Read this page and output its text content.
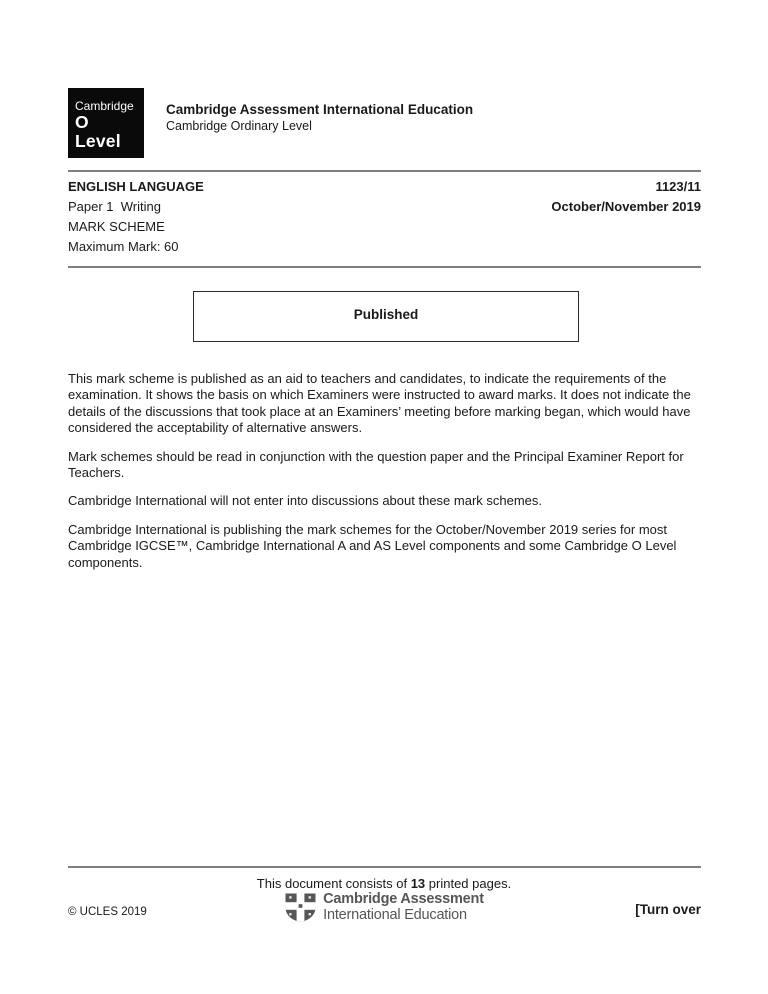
Cambridge
O Level
Cambridge Assessment International Education
Cambridge Ordinary Level
ENGLISH LANGUAGE	1123/11
Paper 1  Writing	October/November 2019
MARK SCHEME
Maximum Mark: 60
Published

This mark scheme is published as an aid to teachers and candidates, to indicate the requirements of the examination. It shows the basis on which Examiners were instructed to award marks. It does not indicate the details of the discussions that took place at an Examiners’ meeting before marking began, which would have considered the acceptability of alternative answers.

Mark schemes should be read in conjunction with the question paper and the Principal Examiner Report for Teachers.

Cambridge International will not enter into discussions about these mark schemes.

Cambridge International is publishing the mark schemes for the October/November 2019 series for most Cambridge IGCSE™, Cambridge International A and AS Level components and some Cambridge O Level components.

This document consists of 13 printed pages.
Cambridge Assessment
International Education
© UCLES 2019	[Turn over
